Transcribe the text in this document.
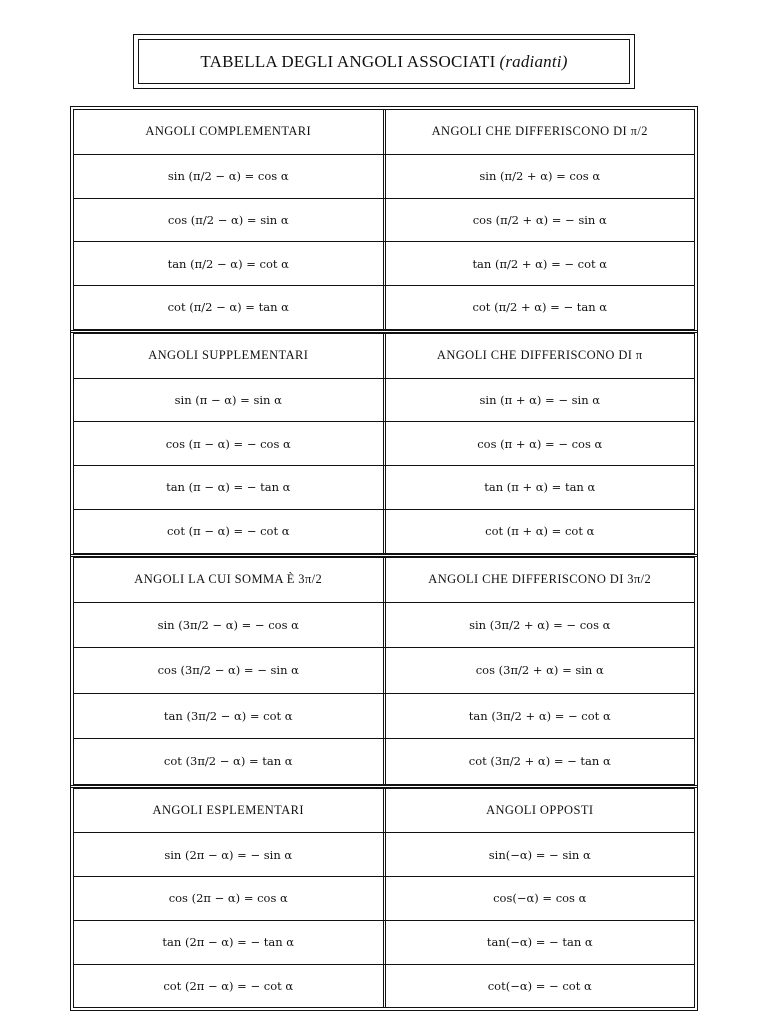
TABELLA DEGLI ANGOLI ASSOCIATI (radianti)
ANGOLI COMPLEMENTARI	ANGOLI CHE DIFFERISCONO DI π/2
sin (π/2 − α) = cos α	sin (π/2 + α) = cos α
cos (π/2 − α) = sin α	cos (π/2 + α) = − sin α
tan (π/2 − α) = cot α	tan (π/2 + α) = − cot α
cot (π/2 − α) = tan α	cot (π/2 + α) = − tan α
ANGOLI SUPPLEMENTARI	ANGOLI CHE DIFFERISCONO DI π
sin (π − α) = sin α	sin (π + α) = − sin α
cos (π − α) = − cos α	cos (π + α) = − cos α
tan (π − α) = − tan α	tan (π + α) = tan α
cot (π − α) = − cot α	cot (π + α) = cot α
ANGOLI LA CUI SOMMA È 3π/2	ANGOLI CHE DIFFERISCONO DI 3π/2
sin (3π/2 − α) = − cos α	sin (3π/2 + α) = − cos α
cos (3π/2 − α) = − sin α	cos (3π/2 + α) = sin α
tan (3π/2 − α) = cot α	tan (3π/2 + α) = − cot α
cot (3π/2 − α) = tan α	cot (3π/2 + α) = − tan α
ANGOLI ESPLEMENTARI	ANGOLI OPPOSTI
sin (2π − α) = − sin α	sin(−α) = − sin α
cos (2π − α) = cos α	cos(−α) = cos α
tan (2π − α) = − tan α	tan(−α) = − tan α
cot (2π − α) = − cot α	cot(−α) = − cot α
